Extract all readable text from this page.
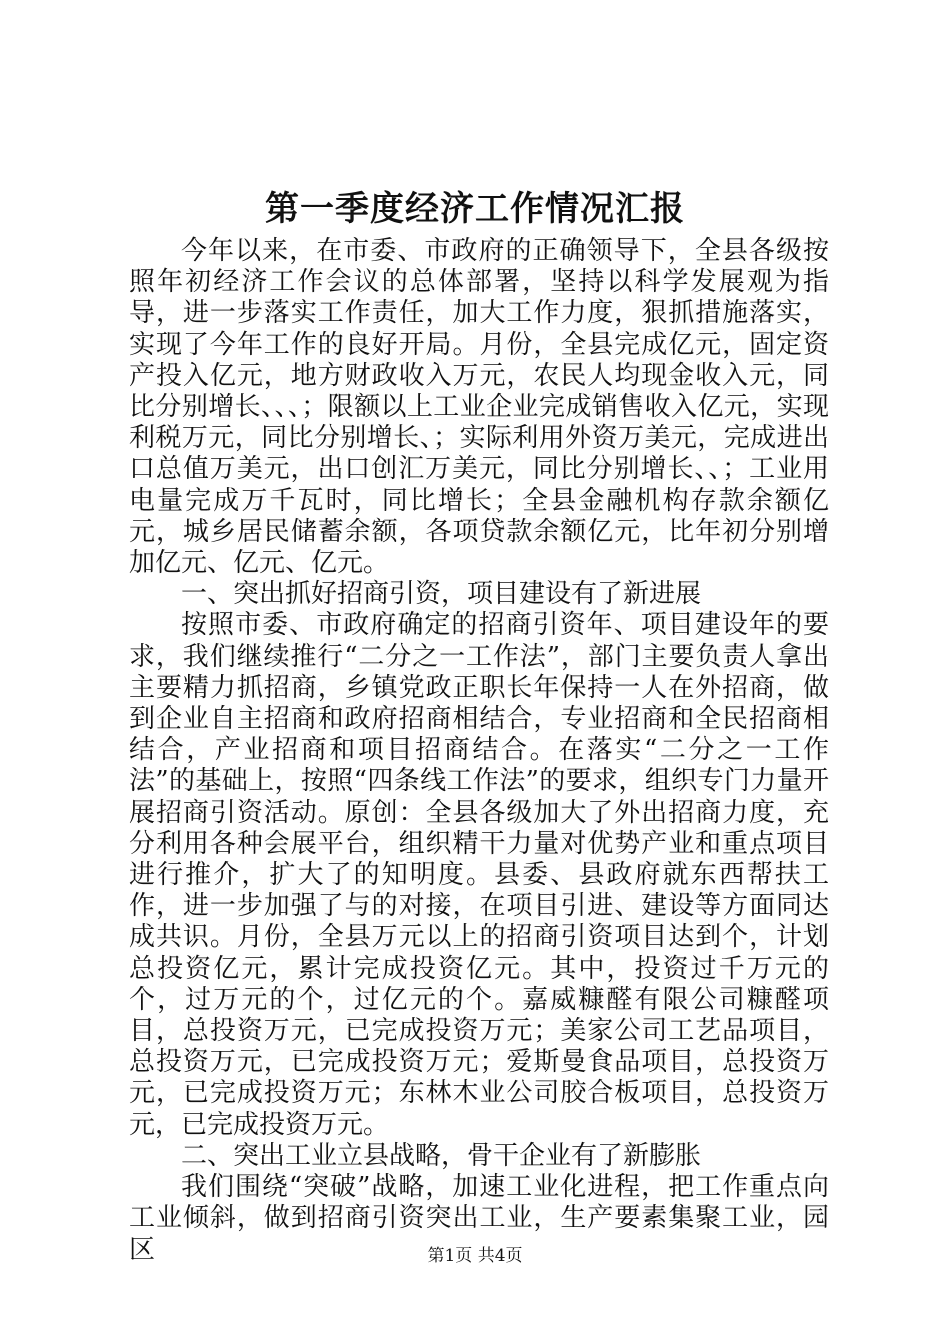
第一季度经济工作情况汇报

今年以来，在市委、市政府的正确领导下，全县各级按照年初经济工作会议的总体部署，坚持以科学发展观为指导，进一步落实工作责任，加大工作力度，狠抓措施落实，实现了今年工作的良好开局。月份，全县完成亿元，固定资产投入亿元，地方财政收入万元，农民人均现金收入元，同比分别增长、、、；限额以上工业企业完成销售收入亿元，实现利税万元，同比分别增长、；实际利用外资万美元，完成进出口总值万美元，出口创汇万美元，同比分别增长、、；工业用电量完成万千瓦时，同比增长；全县金融机构存款余额亿元，城乡居民储蓄余额，各项贷款余额亿元，比年初分别增加亿元、亿元、亿元。

一、突出抓好招商引资，项目建设有了新进展

按照市委、市政府确定的招商引资年、项目建设年的要求，我们继续推行“二分之一工作法”，部门主要负责人拿出主要精力抓招商，乡镇党政正职长年保持一人在外招商，做到企业自主招商和政府招商相结合，专业招商和全民招商相结合，产业招商和项目招商结合。在落实“二分之一工作法”的基础上，按照“四条线工作法”的要求，组织专门力量开展招商引资活动。原创：全县各级加大了外出招商力度，充分利用各种会展平台，组织精干力量对优势产业和重点项目进行推介，扩大了的知明度。县委、县政府就东西帮扶工作，进一步加强了与的对接，在项目引进、建设等方面同达成共识。月份，全县万元以上的招商引资项目达到个，计划总投资亿元，累计完成投资亿元。其中，投资过千万元的个，过万元的个，过亿元的个。嘉威糠醛有限公司糠醛项目，总投资万元，已完成投资万元；美家公司工艺品项目，总投资万元，已完成投资万元；爱斯曼食品项目，总投资万元，已完成投资万元；东林木业公司胶合板项目，总投资万元，已完成投资万元。

二、突出工业立县战略，骨干企业有了新膨胀

我们围绕“突破”战略，加速工业化进程，把工作重点向工业倾斜，做到招商引资突出工业，生产要素集聚工业，园区	第1页 共4页
